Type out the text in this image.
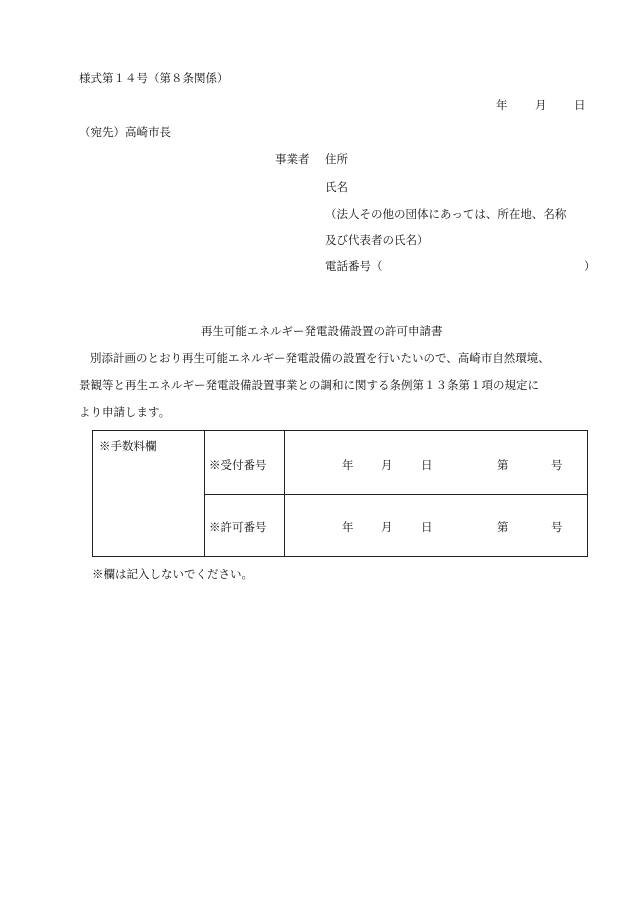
様式第１４号（第８条関係）
年 月 日
（宛先）高崎市長
事業者 住所
氏名
（法人その他の団体にあっては、所在地、名称
及び代表者の氏名）
電話番号（	）
再生可能エネルギー発電設備設置の許可申請書
別添計画のとおり再生可能エネルギー発電設備の設置を行いたいので、高崎市自然環境、
景観等と再生エネルギー発電設備設置事業との調和に関する条例第１３条第１項の規定に
より申請します。
※手数料欄
※受付番号	年 月 日	第	号
※許可番号	年 月 日	第	号
※欄は記入しないでください。
